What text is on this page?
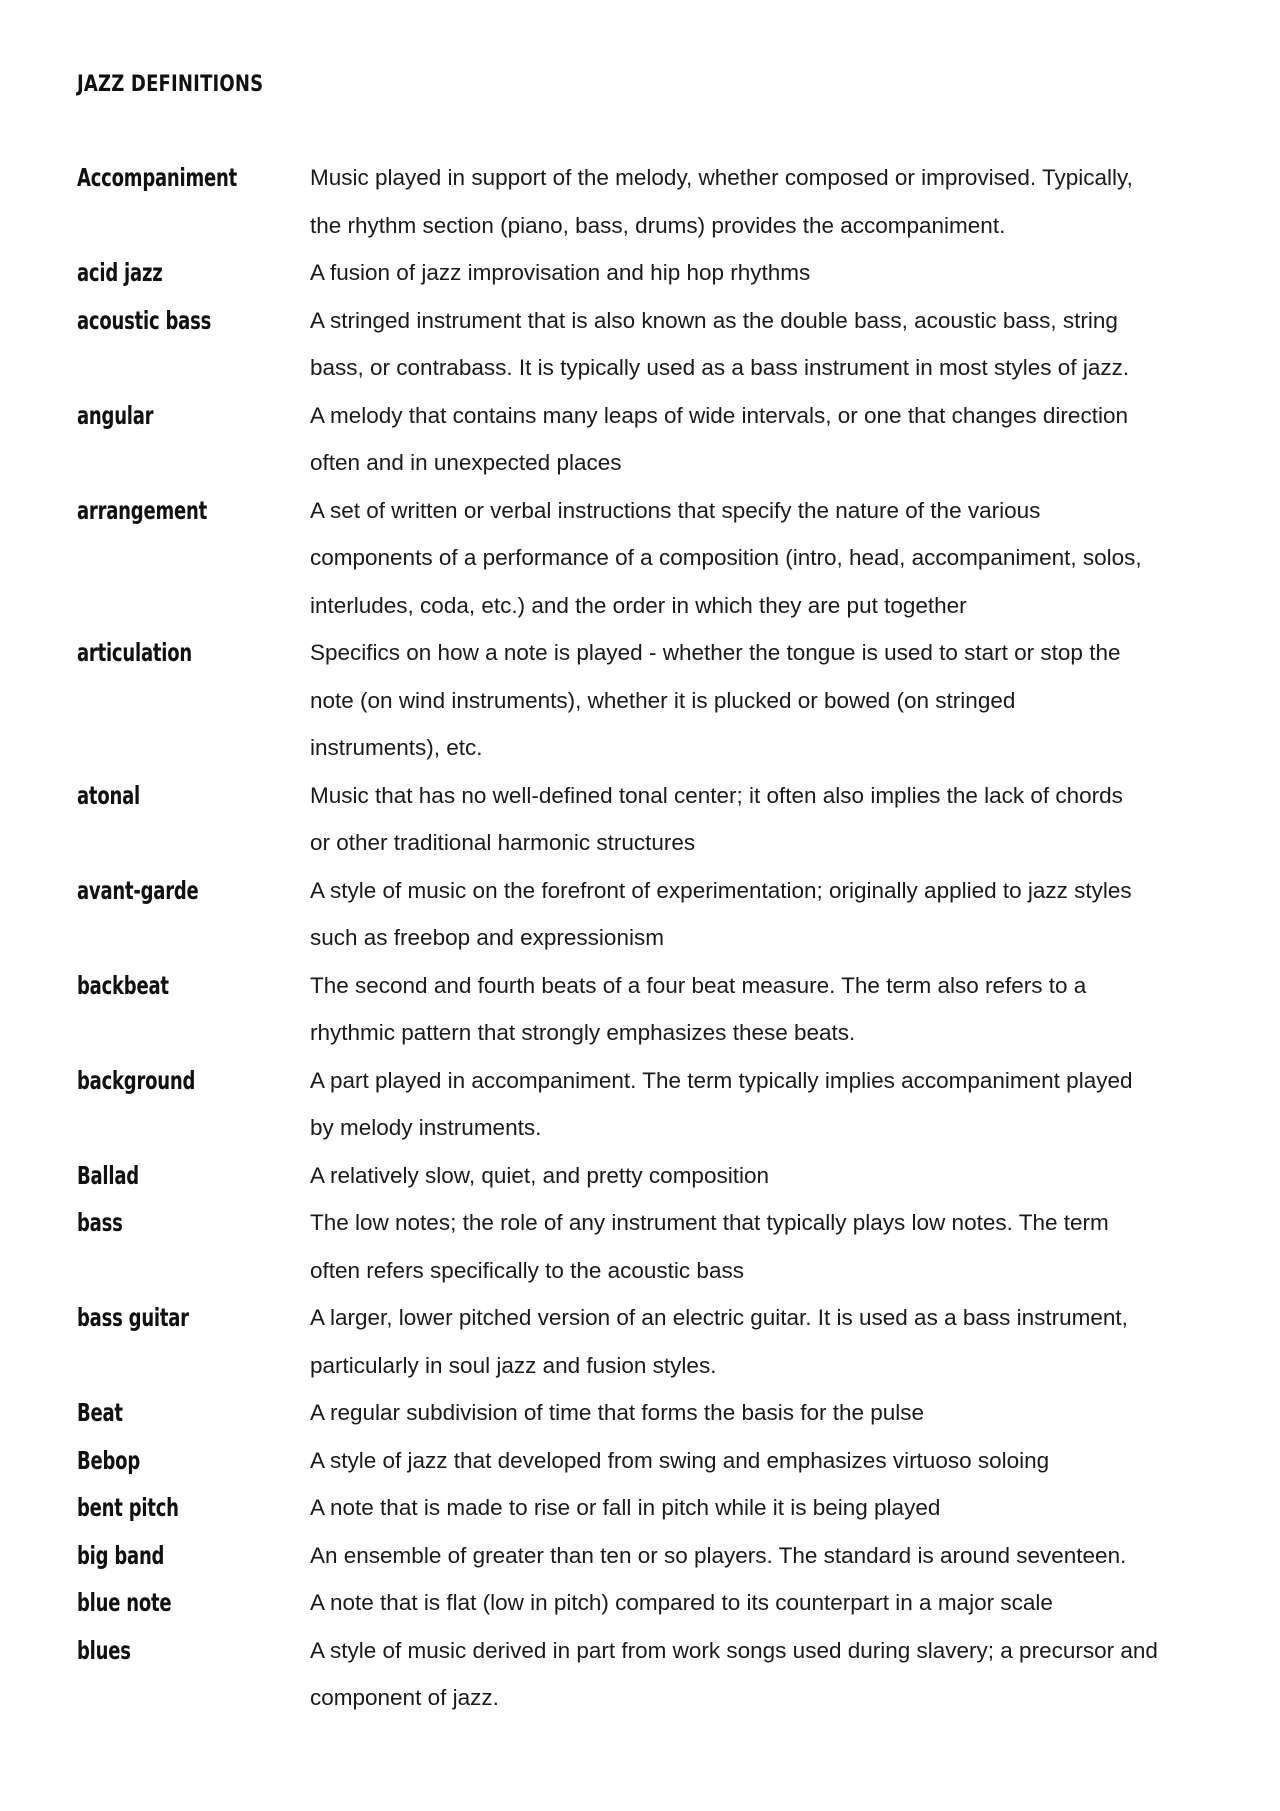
JAZZ DEFINITIONS
Accompaniment	Music played in support of the melody, whether composed or improvised. Typically,
the rhythm section (piano, bass, drums) provides the accompaniment.
acid jazz	A fusion of jazz improvisation and hip hop rhythms
acoustic bass	A stringed instrument that is also known as the double bass, acoustic bass, string
bass, or contrabass. It is typically used as a bass instrument in most styles of jazz.
angular	A melody that contains many leaps of wide intervals, or one that changes direction
often and in unexpected places
arrangement	A set of written or verbal instructions that specify the nature of the various
components of a performance of a composition (intro, head, accompaniment, solos,
interludes, coda, etc.) and the order in which they are put together
articulation	Specifics on how a note is played - whether the tongue is used to start or stop the
note (on wind instruments), whether it is plucked or bowed (on stringed
instruments), etc.
atonal	Music that has no well-defined tonal center; it often also implies the lack of chords
or other traditional harmonic structures
avant-garde	A style of music on the forefront of experimentation; originally applied to jazz styles
such as freebop and expressionism
backbeat	The second and fourth beats of a four beat measure. The term also refers to a
rhythmic pattern that strongly emphasizes these beats.
background	A part played in accompaniment. The term typically implies accompaniment played
by melody instruments.
Ballad	A relatively slow, quiet, and pretty composition
bass	The low notes; the role of any instrument that typically plays low notes. The term
often refers specifically to the acoustic bass
bass guitar	A larger, lower pitched version of an electric guitar. It is used as a bass instrument,
particularly in soul jazz and fusion styles.
Beat	A regular subdivision of time that forms the basis for the pulse
Bebop	A style of jazz that developed from swing and emphasizes virtuoso soloing
bent pitch	A note that is made to rise or fall in pitch while it is being played
big band	An ensemble of greater than ten or so players. The standard is around seventeen.
blue note	A note that is flat (low in pitch) compared to its counterpart in a major scale
blues	A style of music derived in part from work songs used during slavery; a precursor and
component of jazz.
